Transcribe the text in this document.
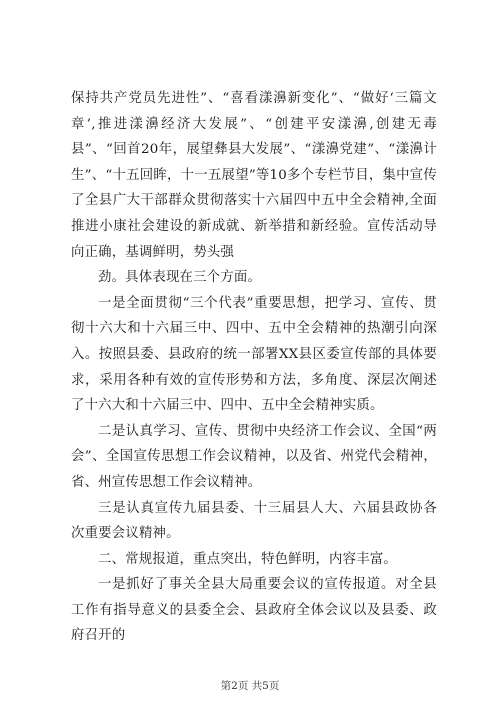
保持共产党员先进性”、“喜看漾濞新变化”、“做好‘三篇文章’,推进漾濞经济大发展”、“创建平安漾濞,创建无毒县”、“回首20年，展望彝县大发展”、“漾濞党建”、“漾濞计生”、“十五回眸，十一五展望”等10多个专栏节目，集中宣传了全县广大干部群众贯彻落实十六届四中五中全会精神,全面推进小康社会建设的新成就、新举措和新经验。宣传活动导向正确，基调鲜明，势头强

劲。具体表现在三个方面。

一是全面贯彻“三个代表”重要思想，把学习、宣传、贯彻十六大和十六届三中、四中、五中全会精神的热潮引向深入。按照县委、县政府的统一部署XX县区委宣传部的具体要求，采用各种有效的宣传形势和方法，多角度、深层次阐述了十六大和十六届三中、四中、五中全会精神实质。

二是认真学习、宣传、贯彻中央经济工作会议、全国“两会”、全国宣传思想工作会议精神，以及省、州党代会精神，省、州宣传思想工作会议精神。

三是认真宣传九届县委、十三届县人大、六届县政协各次重要会议精神。

二、常规报道，重点突出，特色鲜明，内容丰富。

一是抓好了事关全县大局重要会议的宣传报道。对全县工作有指导意义的县委全会、县政府全体会议以及县委、政府召开的

第2页 共5页
